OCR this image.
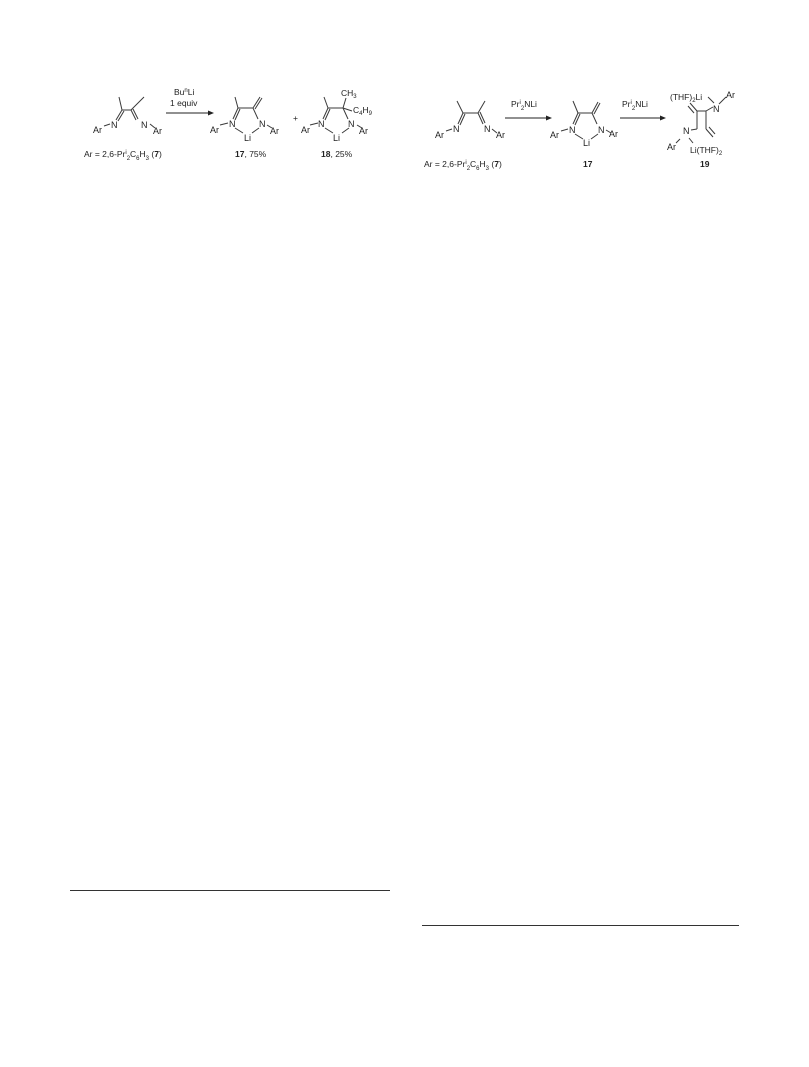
N	N
Ar	Ar
$Ar = 2,6-Pr^i_2C_6H_3$ (7)
Bu$^n$Li
1 equiv
N	N
Li
Ar	Ar
17, 75%
+
$CH_3$
$C_4H_9$
N	N
Li
Ar	Ar
18, 25%
N	N
Ar	Ar
$Ar = 2,6-Pr^i_2C_6H_3$ (7)
$Pr^i_2NLi$
N	N
Li
Ar	Ar
17
$Pr^i_2NLi$
$(THF)_2Li$	Ar
N
N
Ar $Li(THF)_2$
19
